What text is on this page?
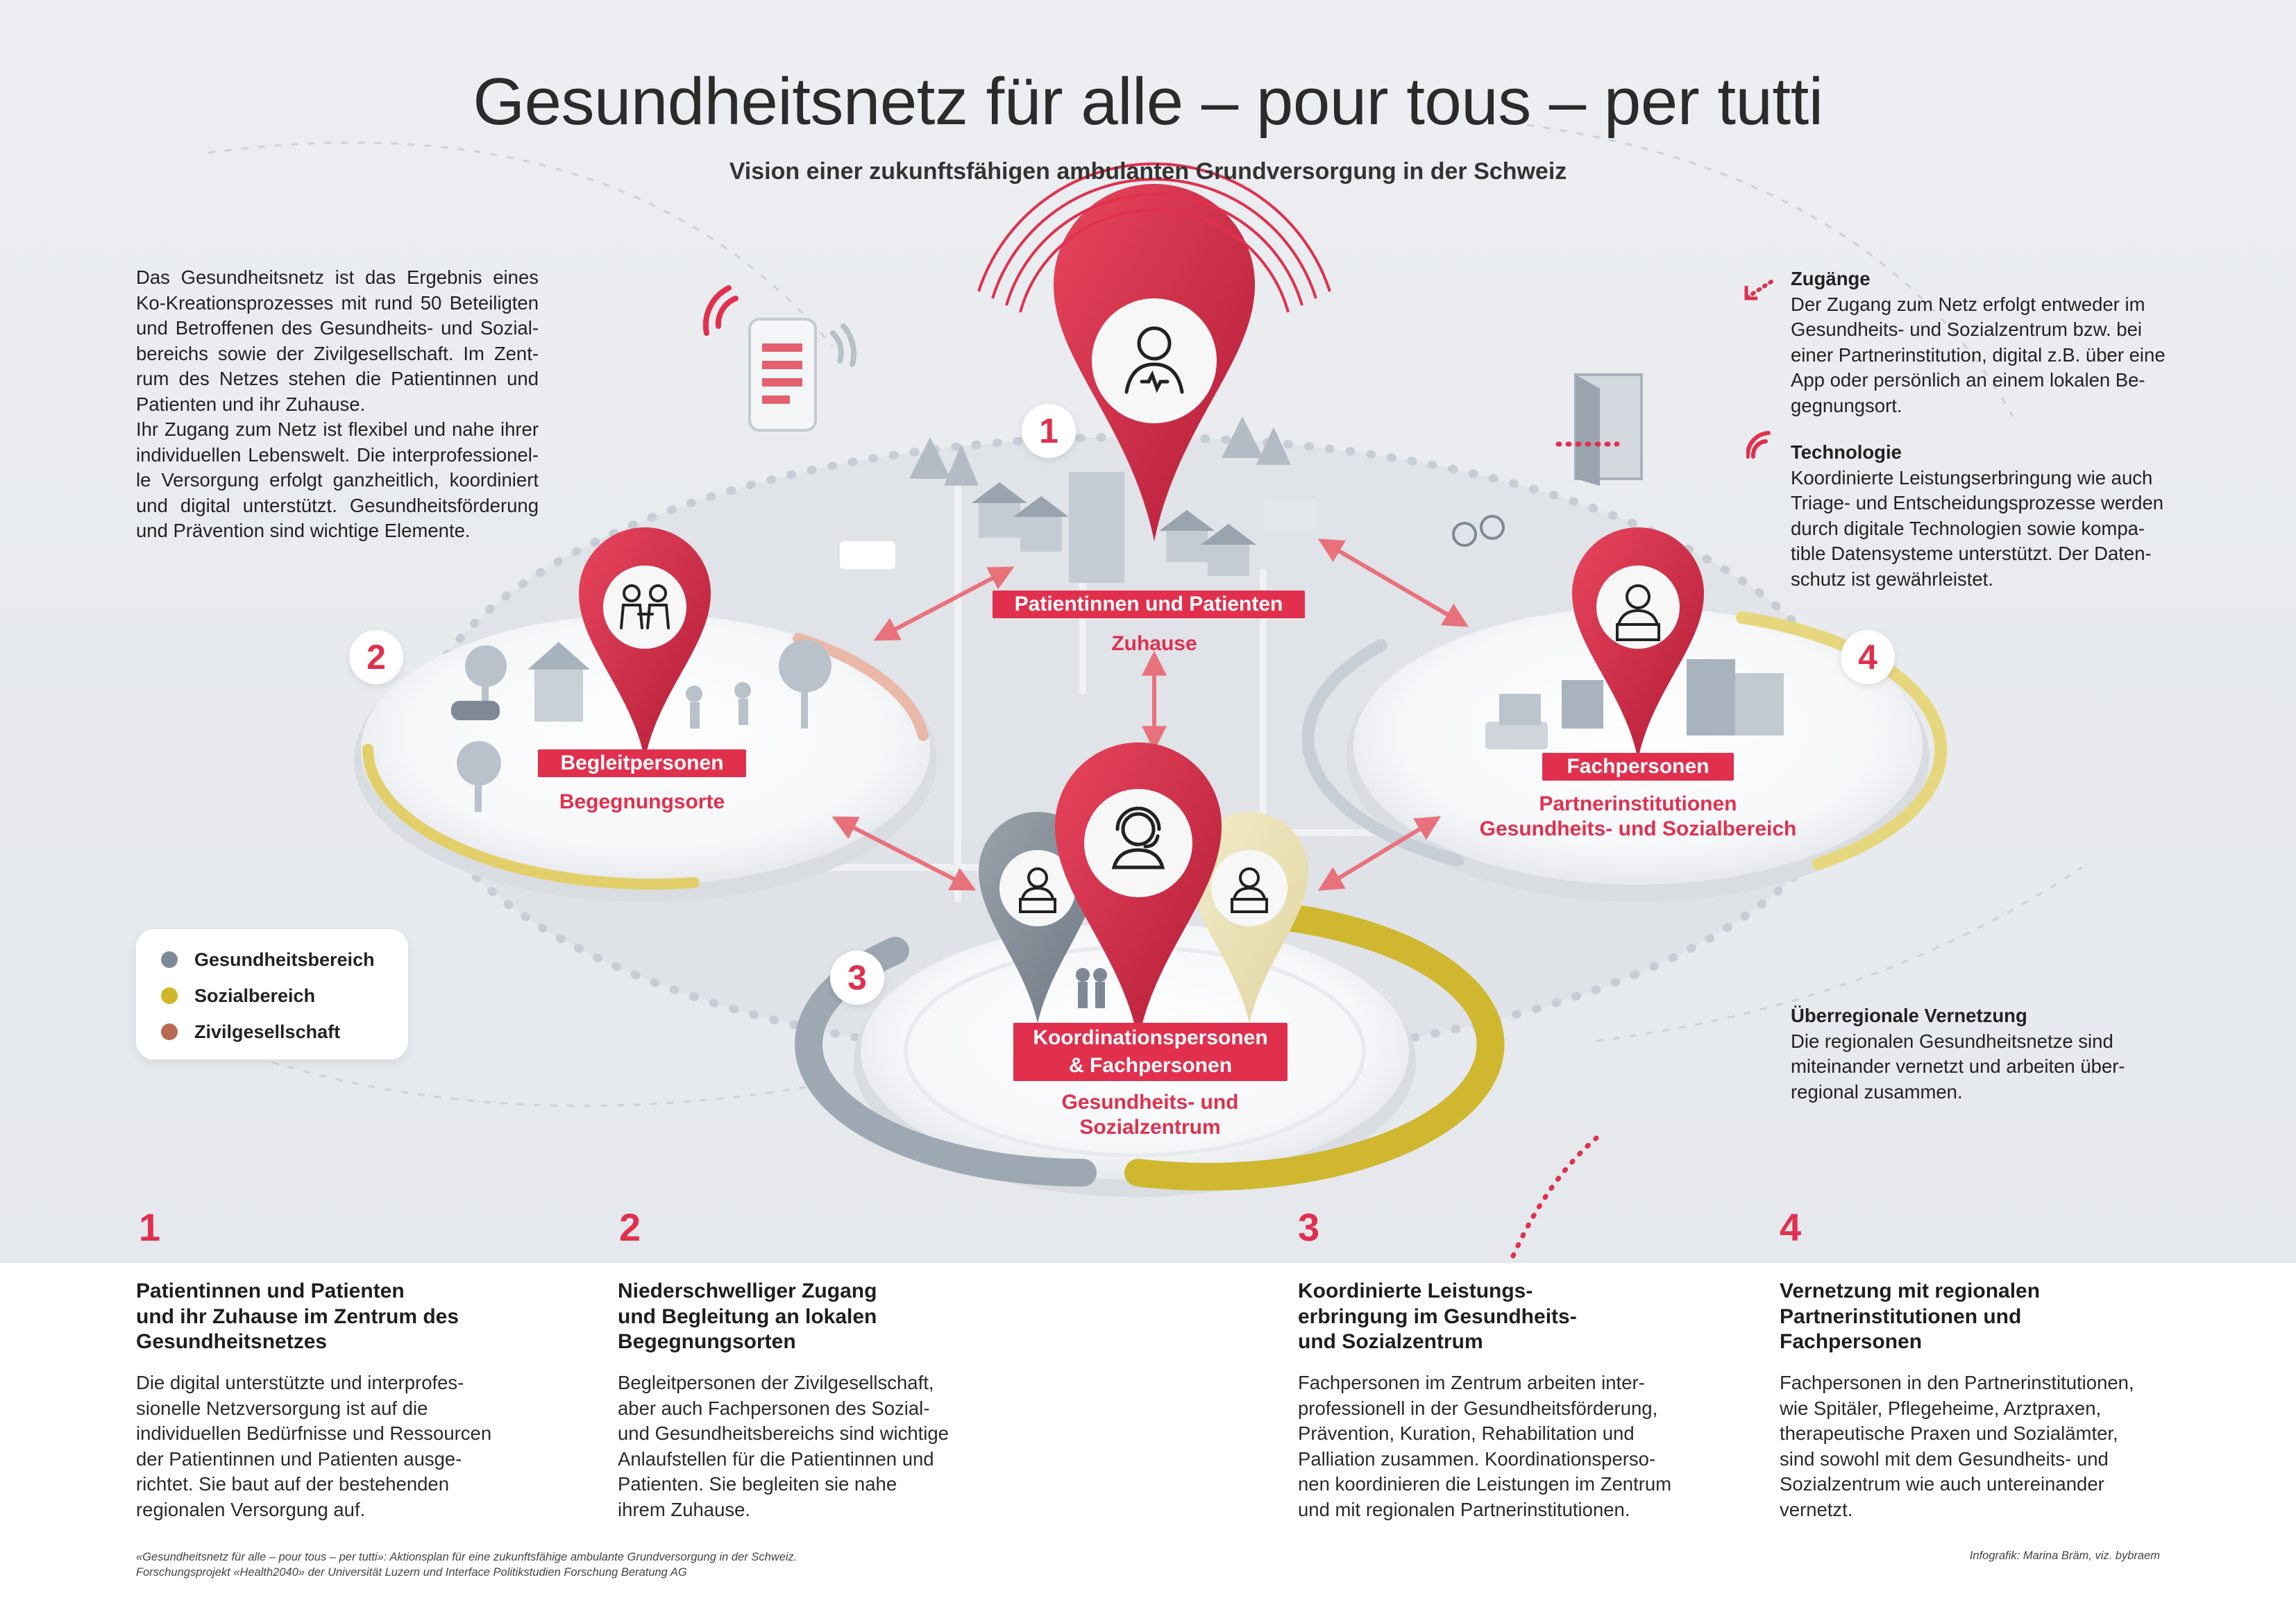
Gesundheitsnetz für alle – pour tous – per tutti
Vision einer zukunftsfähigen ambulanten Grundversorgung in der Schweiz

Das Gesundheitsnetz ist das Ergebnis eines

Ko-Kreationsprozesses mit rund 50 Beteiligten

und Betroffenen des Gesundheits- und Sozial-

bereichs sowie der Zivilgesellschaft. Im Zent-

rum des Netzes stehen die Patientinnen und

Patienten und ihr Zuhause.

Ihr Zugang zum Netz ist flexibel und nahe ihrer

individuellen Lebenswelt. Die interprofessionel-

le Versorgung erfolgt ganzheitlich, koordiniert

und digital unterstützt. Gesundheitsförderung

und Prävention sind wichtige Elemente.

Zugänge

Der Zugang zum Netz erfolgt entweder im

Gesundheits- und Sozialzentrum bzw. bei

einer Partnerinstitution, digital z.B. über eine

App oder persönlich an einem lokalen Be-

gegnungsort.

Technologie

Koordinierte Leistungserbringung wie auch

Triage- und Entscheidungsprozesse werden

durch digitale Technologien sowie kompa-

tible Datensysteme unterstützt. Der Daten-

schutz ist gewährleistet.

Überregionale Vernetzung

Die regionalen Gesundheitsnetze sind

miteinander vernetzt und arbeiten über-

regional zusammen.

Gesundheitsbereich
Sozialbereich
Zivilgesellschaft
1
2
3
4
Patientinnen und Patienten
Zuhause
Begleitpersonen
Begegnungsorte
Koordinationspersonen
& Fachpersonen
Gesundheits- und
Sozialzentrum
Fachpersonen
Partnerinstitutionen
Gesundheits- und Sozialbereich
1	2	3	4

Patientinnen und Patienten

und ihr Zuhause im Zentrum des

Gesundheitsnetzes

Niederschwelliger Zugang

und Begleitung an lokalen

Begegnungsorten

Koordinierte Leistungs-

erbringung im Gesundheits-

und Sozialzentrum

Vernetzung mit regionalen

Partnerinstitutionen und

Fachpersonen

Die digital unterstützte und interprofes-

sionelle Netzversorgung ist auf die

individuellen Bedürfnisse und Ressourcen

der Patientinnen und Patienten ausge-

richtet. Sie baut auf der bestehenden

regionalen Versorgung auf.

Begleitpersonen der Zivilgesellschaft,

aber auch Fachpersonen des Sozial-

und Gesundheitsbereichs sind wichtige

Anlaufstellen für die Patientinnen und

Patienten. Sie begleiten sie nahe

ihrem Zuhause.

Fachpersonen im Zentrum arbeiten inter-

professionell in der Gesundheitsförderung,

Prävention, Kuration, Rehabilitation und

Palliation zusammen. Koordinationsperso-

nen koordinieren die Leistungen im Zentrum

und mit regionalen Partnerinstitutionen.

Fachpersonen in den Partnerinstitutionen,

wie Spitäler, Pflegeheime, Arztpraxen,

therapeutische Praxen und Sozialämter,

sind sowohl mit dem Gesundheits- und

Sozialzentrum wie auch untereinander

vernetzt.

«Gesundheitsnetz für alle – pour tous – per tutti»: Aktionsplan für eine zukunftsfähige ambulante Grundversorgung in der Schweiz.

Forschungsprojekt «Health2040» der Universität Luzern und Interface Politikstudien Forschung Beratung AG

Infografik: Marina Bräm, viz. bybraem
